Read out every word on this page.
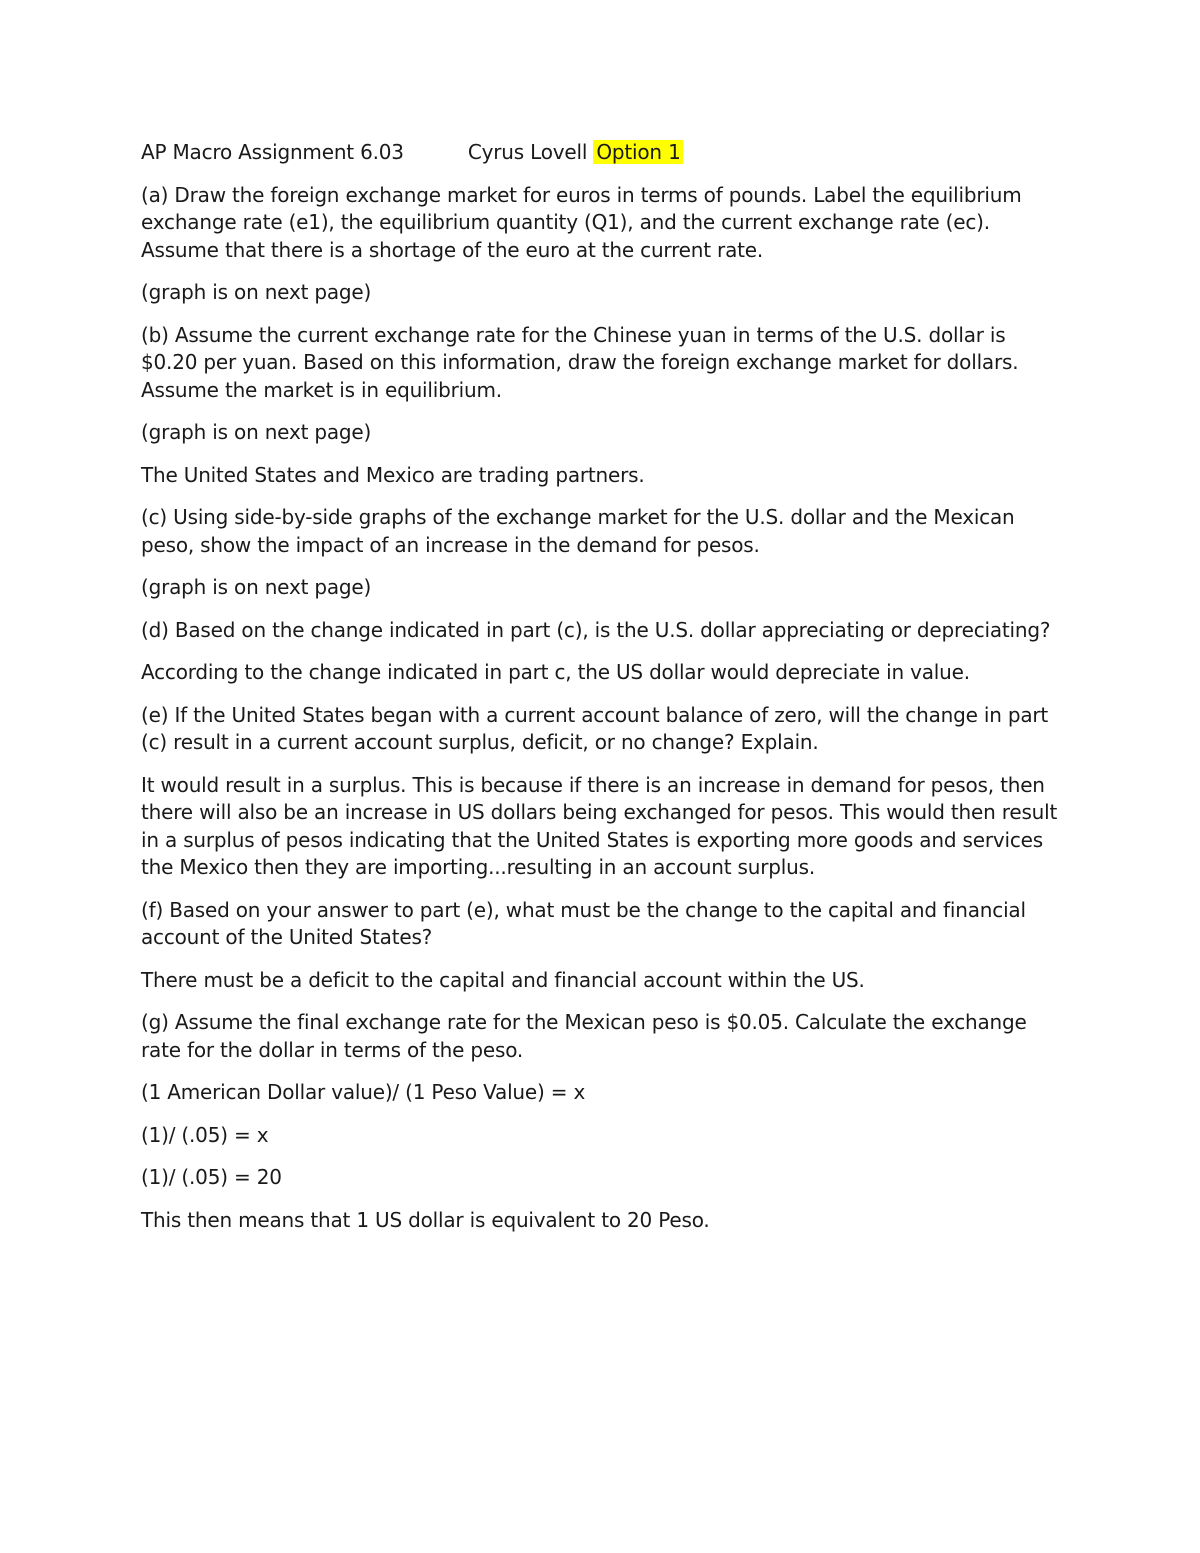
AP Macro Assignment 6.03	Cyrus Lovell Option 1

(a) Draw the foreign exchange market for euros in terms of pounds. Label the equilibrium exchange rate (e1), the equilibrium quantity (Q1), and the current exchange rate (ec). Assume that there is a shortage of the euro at the current rate.

(graph is on next page)

(b) Assume the current exchange rate for the Chinese yuan in terms of the U.S. dollar is $0.20 per yuan. Based on this information, draw the foreign exchange market for dollars. Assume the market is in equilibrium.

(graph is on next page)

The United States and Mexico are trading partners.

(c) Using side-by-side graphs of the exchange market for the U.S. dollar and the Mexican peso, show the impact of an increase in the demand for pesos.

(graph is on next page)

(d) Based on the change indicated in part (c), is the U.S. dollar appreciating or depreciating?

According to the change indicated in part c, the US dollar would depreciate in value.

(e) If the United States began with a current account balance of zero, will the change in part (c) result in a current account surplus, deficit, or no change? Explain.

It would result in a surplus. This is because if there is an increase in demand for pesos, then there will also be an increase in US dollars being exchanged for pesos. This would then result in a surplus of pesos indicating that the United States is exporting more goods and services the Mexico then they are importing...resulting in an account surplus.

(f) Based on your answer to part (e), what must be the change to the capital and financial account of the United States?

There must be a deficit to the capital and financial account within the US.

(g) Assume the final exchange rate for the Mexican peso is $0.05. Calculate the exchange rate for the dollar in terms of the peso.

(1 American Dollar value)/ (1 Peso Value) = x

(1)/ (.05) = x

(1)/ (.05) = 20

This then means that 1 US dollar is equivalent to 20 Peso.
